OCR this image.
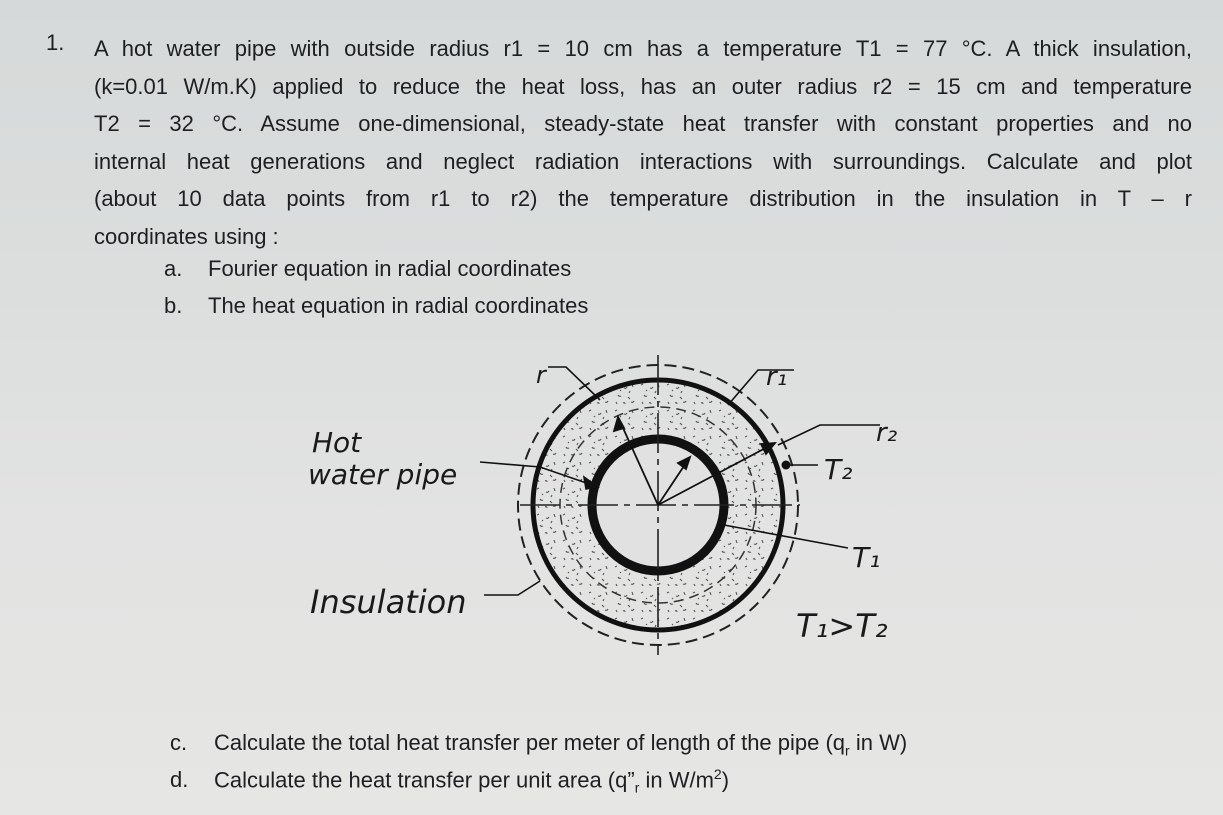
1. A hot water pipe with outside radius r1 = 10 cm has a temperature T1 = 77 °C. A thick insulation,
(k=0.01 W/m.K) applied to reduce the heat loss, has an outer radius r2 = 15 cm and temperature
T2 = 32 °C. Assume one-dimensional, steady-state heat transfer with constant properties and no
internal heat generations and neglect radiation interactions with surroundings. Calculate and plot
(about 10 data points from r1 to r2) the temperature distribution in the insulation in T – r
coordinates using :
a. Fourier equation in radial coordinates
b. The heat equation in radial coordinates
r	r₁
r₂
Hot
water pipe
Insulation
T₂
T₁
T₁>T₂
c. Calculate the total heat transfer per meter of length of the pipe ($q_r$ in W)
d. Calculate the heat transfer per unit area ($q”_r$ in $W/m^2$)
